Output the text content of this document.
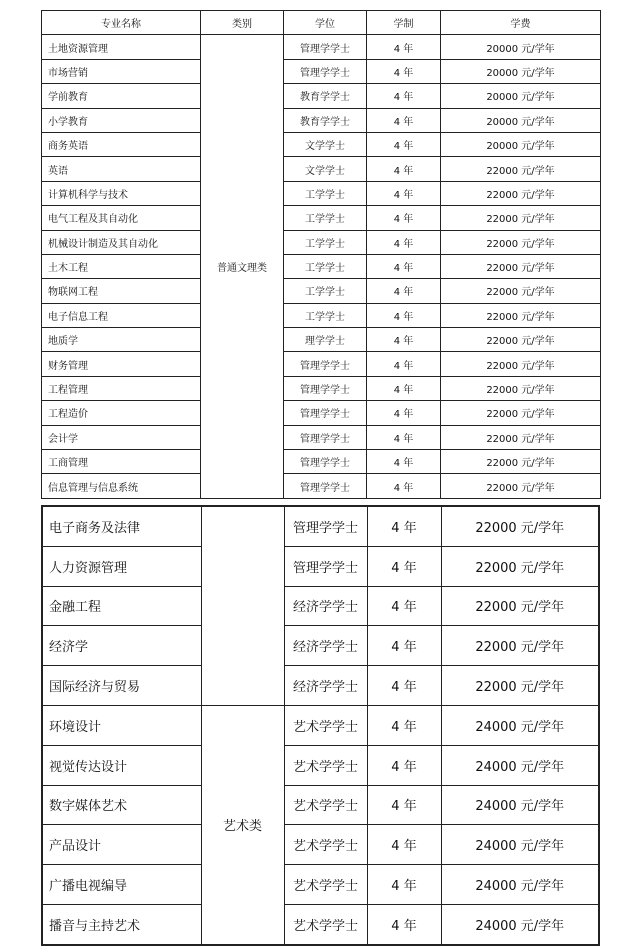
专业名称	类别	学位	学制	学费
土地资源管理	普通文理类	管理学学士	4 年	20000 元/学年
市场营销		管理学学士	4 年	20000 元/学年
学前教育		教育学学士	4 年	20000 元/学年
小学教育		教育学学士	4 年	20000 元/学年
商务英语		文学学士	4 年	20000 元/学年
英语		文学学士	4 年	22000 元/学年
计算机科学与技术		工学学士	4 年	22000 元/学年
电气工程及其自动化		工学学士	4 年	22000 元/学年
机械设计制造及其自动化		工学学士	4 年	22000 元/学年
土木工程		工学学士	4 年	22000 元/学年
物联网工程		工学学士	4 年	22000 元/学年
电子信息工程		工学学士	4 年	22000 元/学年
地质学		理学学士	4 年	22000 元/学年
财务管理		管理学学士	4 年	22000 元/学年
工程管理		管理学学士	4 年	22000 元/学年
工程造价		管理学学士	4 年	22000 元/学年
会计学		管理学学士	4 年	22000 元/学年
工商管理		管理学学士	4 年	22000 元/学年
信息管理与信息系统		管理学学士	4 年	22000 元/学年
电子商务及法律		管理学学士	4 年	22000 元/学年
人力资源管理		管理学学士	4 年	22000 元/学年
金融工程		经济学学士	4 年	22000 元/学年
经济学		经济学学士	4 年	22000 元/学年
国际经济与贸易		经济学学士	4 年	22000 元/学年
环境设计	艺术类	艺术学学士	4 年	24000 元/学年
视觉传达设计		艺术学学士	4 年	24000 元/学年
数字媒体艺术		艺术学学士	4 年	24000 元/学年
产品设计		艺术学学士	4 年	24000 元/学年
广播电视编导		艺术学学士	4 年	24000 元/学年
播音与主持艺术		艺术学学士	4 年	24000 元/学年
